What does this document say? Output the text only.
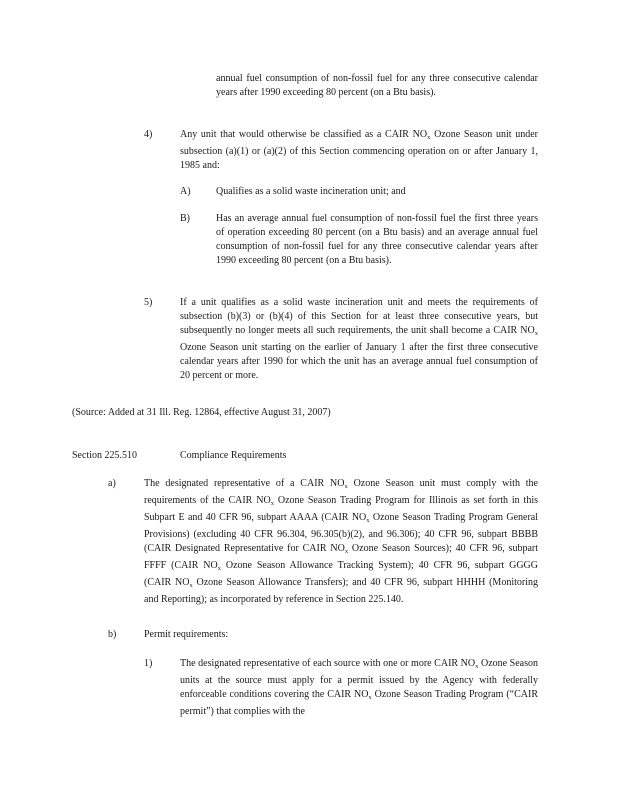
annual fuel consumption of non-fossil fuel for any three consecutive calendar years after 1990 exceeding 80 percent (on a Btu basis).

4)	Any unit that would otherwise be classified as a CAIR $NO_x$ Ozone Season unit under subsection (a)(1) or (a)(2) of this Section commencing operation on or after January 1, 1985 and:

A)	Qualifies as a solid waste incineration unit; and

B)	Has an average annual fuel consumption of non-fossil fuel the first three years of operation exceeding 80 percent (on a Btu basis) and an average annual fuel consumption of non-fossil fuel for any three consecutive calendar years after 1990 exceeding 80 percent (on a Btu basis).

5)	If a unit qualifies as a solid waste incineration unit and meets the requirements of subsection (b)(3) or (b)(4) of this Section for at least three consecutive years, but subsequently no longer meets all such requirements, the unit shall become a CAIR $NO_x$ Ozone Season unit starting on the earlier of January 1 after the first three consecutive calendar years after 1990 for which the unit has an average annual fuel consumption of 20 percent or more.

(Source: Added at 31 Ill. Reg. 12864, effective August 31, 2007)

Section 225.510	Compliance Requirements
a)	The designated representative of a CAIR $NO_x$ Ozone Season unit must comply with the requirements of the CAIR $NO_x$ Ozone Season Trading Program for Illinois as set forth in this Subpart E and 40 CFR 96, subpart AAAA (CAIR $NO_x$ Ozone Season Trading Program General Provisions) (excluding 40 CFR 96.304, 96.305(b)(2), and 96.306); 40 CFR 96, subpart BBBB (CAIR Designated Representative for CAIR $NO_x$ Ozone Season Sources); 40 CFR 96, subpart FFFF (CAIR $NO_x$ Ozone Season Allowance Tracking System); 40 CFR 96, subpart GGGG (CAIR $NO_x$ Ozone Season Allowance Transfers); and 40 CFR 96, subpart HHHH (Monitoring and Reporting); as incorporated by reference in Section 225.140.

b)	Permit requirements:

1)	The designated representative of each source with one or more CAIR $NO_x$ Ozone Season units at the source must apply for a permit issued by the Agency with federally enforceable conditions covering the CAIR $NO_x$ Ozone Season Trading Program (“CAIR permit”) that complies with the
